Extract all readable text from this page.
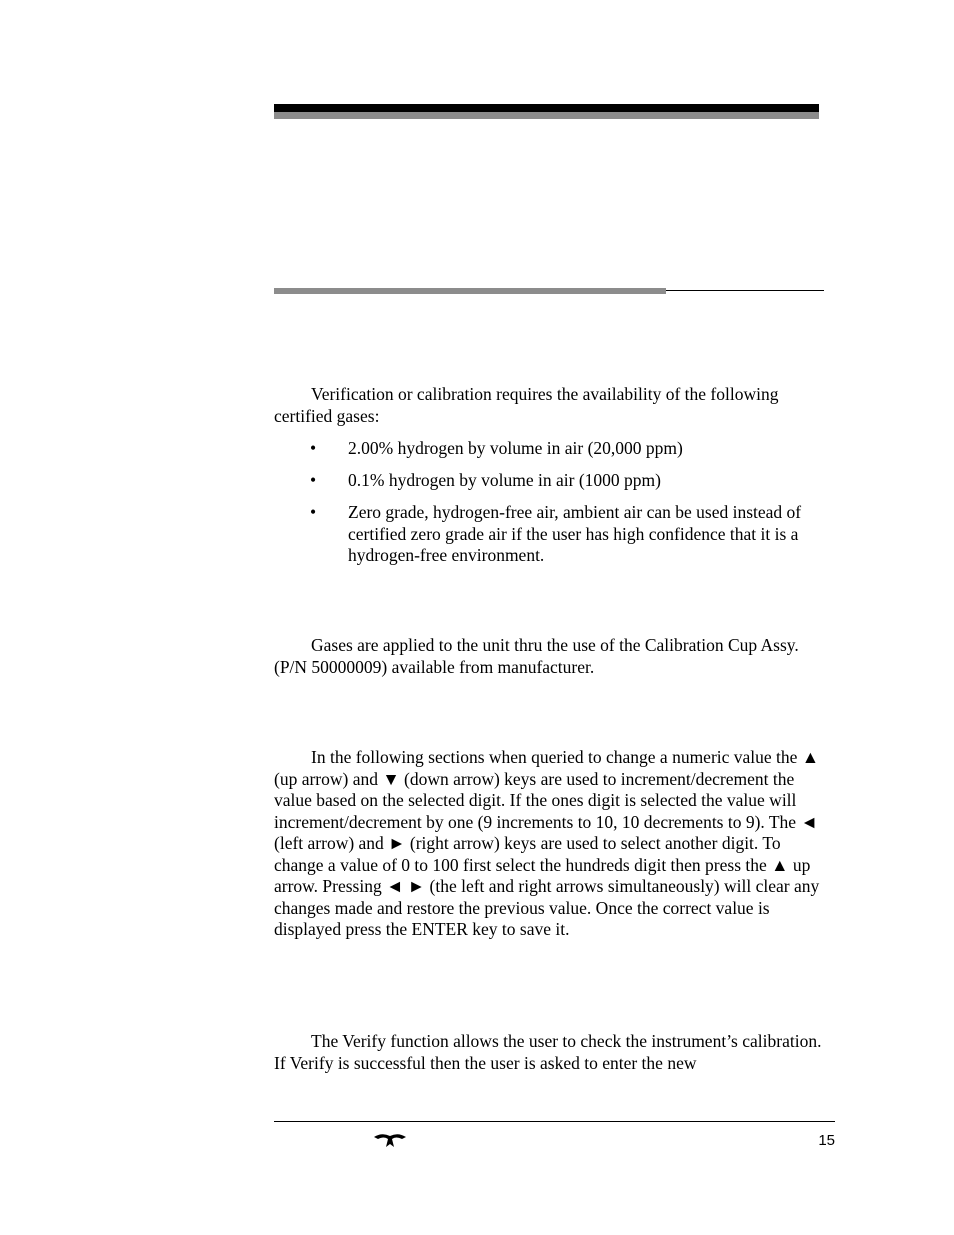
Verification or calibration requires the availability of the following certified gases:

• 2.00% hydrogen by volume in air (20,000 ppm)
• 0.1% hydrogen by volume in air (1000 ppm)
• Zero grade, hydrogen-free air, ambient air can be used instead of certified zero grade air if the user has high confidence that it is a hydrogen-free environment.

Gases are applied to the unit thru the use of the Calibration Cup Assy. (P/N 50000009) available from manufacturer.

In the following sections when queried to change a numeric value the ▲ (up arrow) and ▼ (down arrow) keys are used to increment/decrement the value based on the selected digit. If the ones digit is selected the value will increment/decrement by one (9 increments to 10, 10 decrements to 9). The ◄ (left arrow) and ► (right arrow) keys are used to select another digit. To change a value of 0 to 100 first select the hundreds digit then press the ▲ up arrow. Pressing ◄ ► (the left and right arrows simultaneously) will clear any changes made and restore the previous value. Once the correct value is displayed press the ENTER key to save it.

The Verify function allows the user to check the instrument’s calibration. If Verify is successful then the user is asked to enter the new

15
